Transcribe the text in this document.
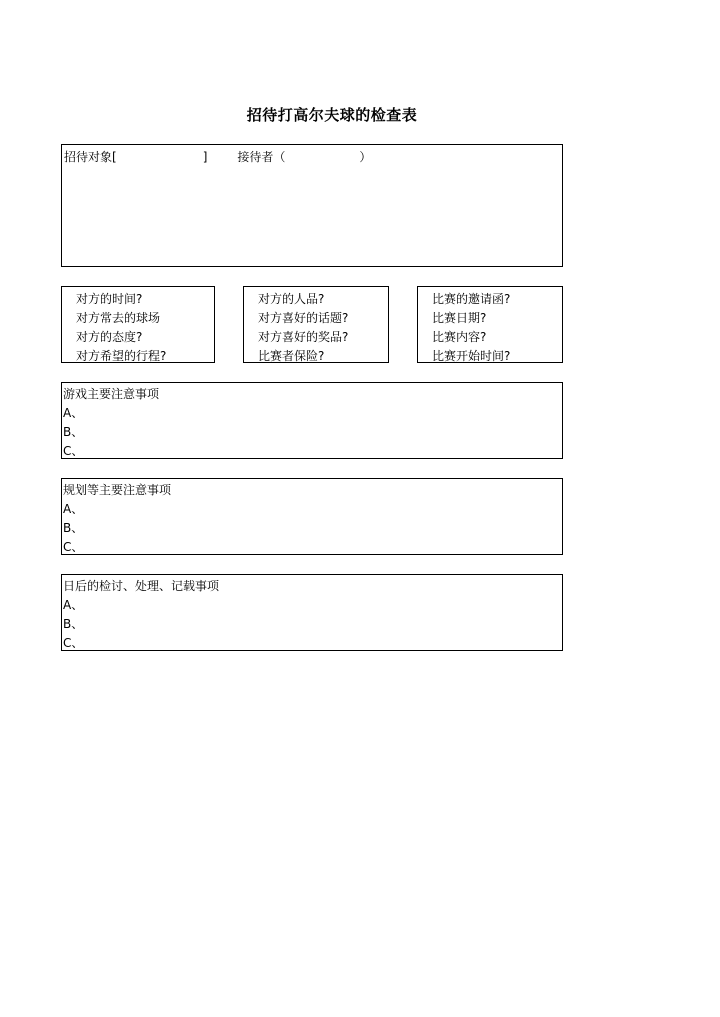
招待打高尔夫球的检查表
招待对象[	]	接待者（	）
对方的时间?
对方常去的球场
对方的态度?
对方希望的行程?
对方的人品?
对方喜好的话题?
对方喜好的奖品?
比赛者保险?
比赛的邀请函?
比赛日期?
比赛内容?
比赛开始时间?
游戏主要注意事项
A、
B、
C、
规划等主要注意事项
A、
B、
C、
日后的检讨、处理、记载事项
A、
B、
C、
